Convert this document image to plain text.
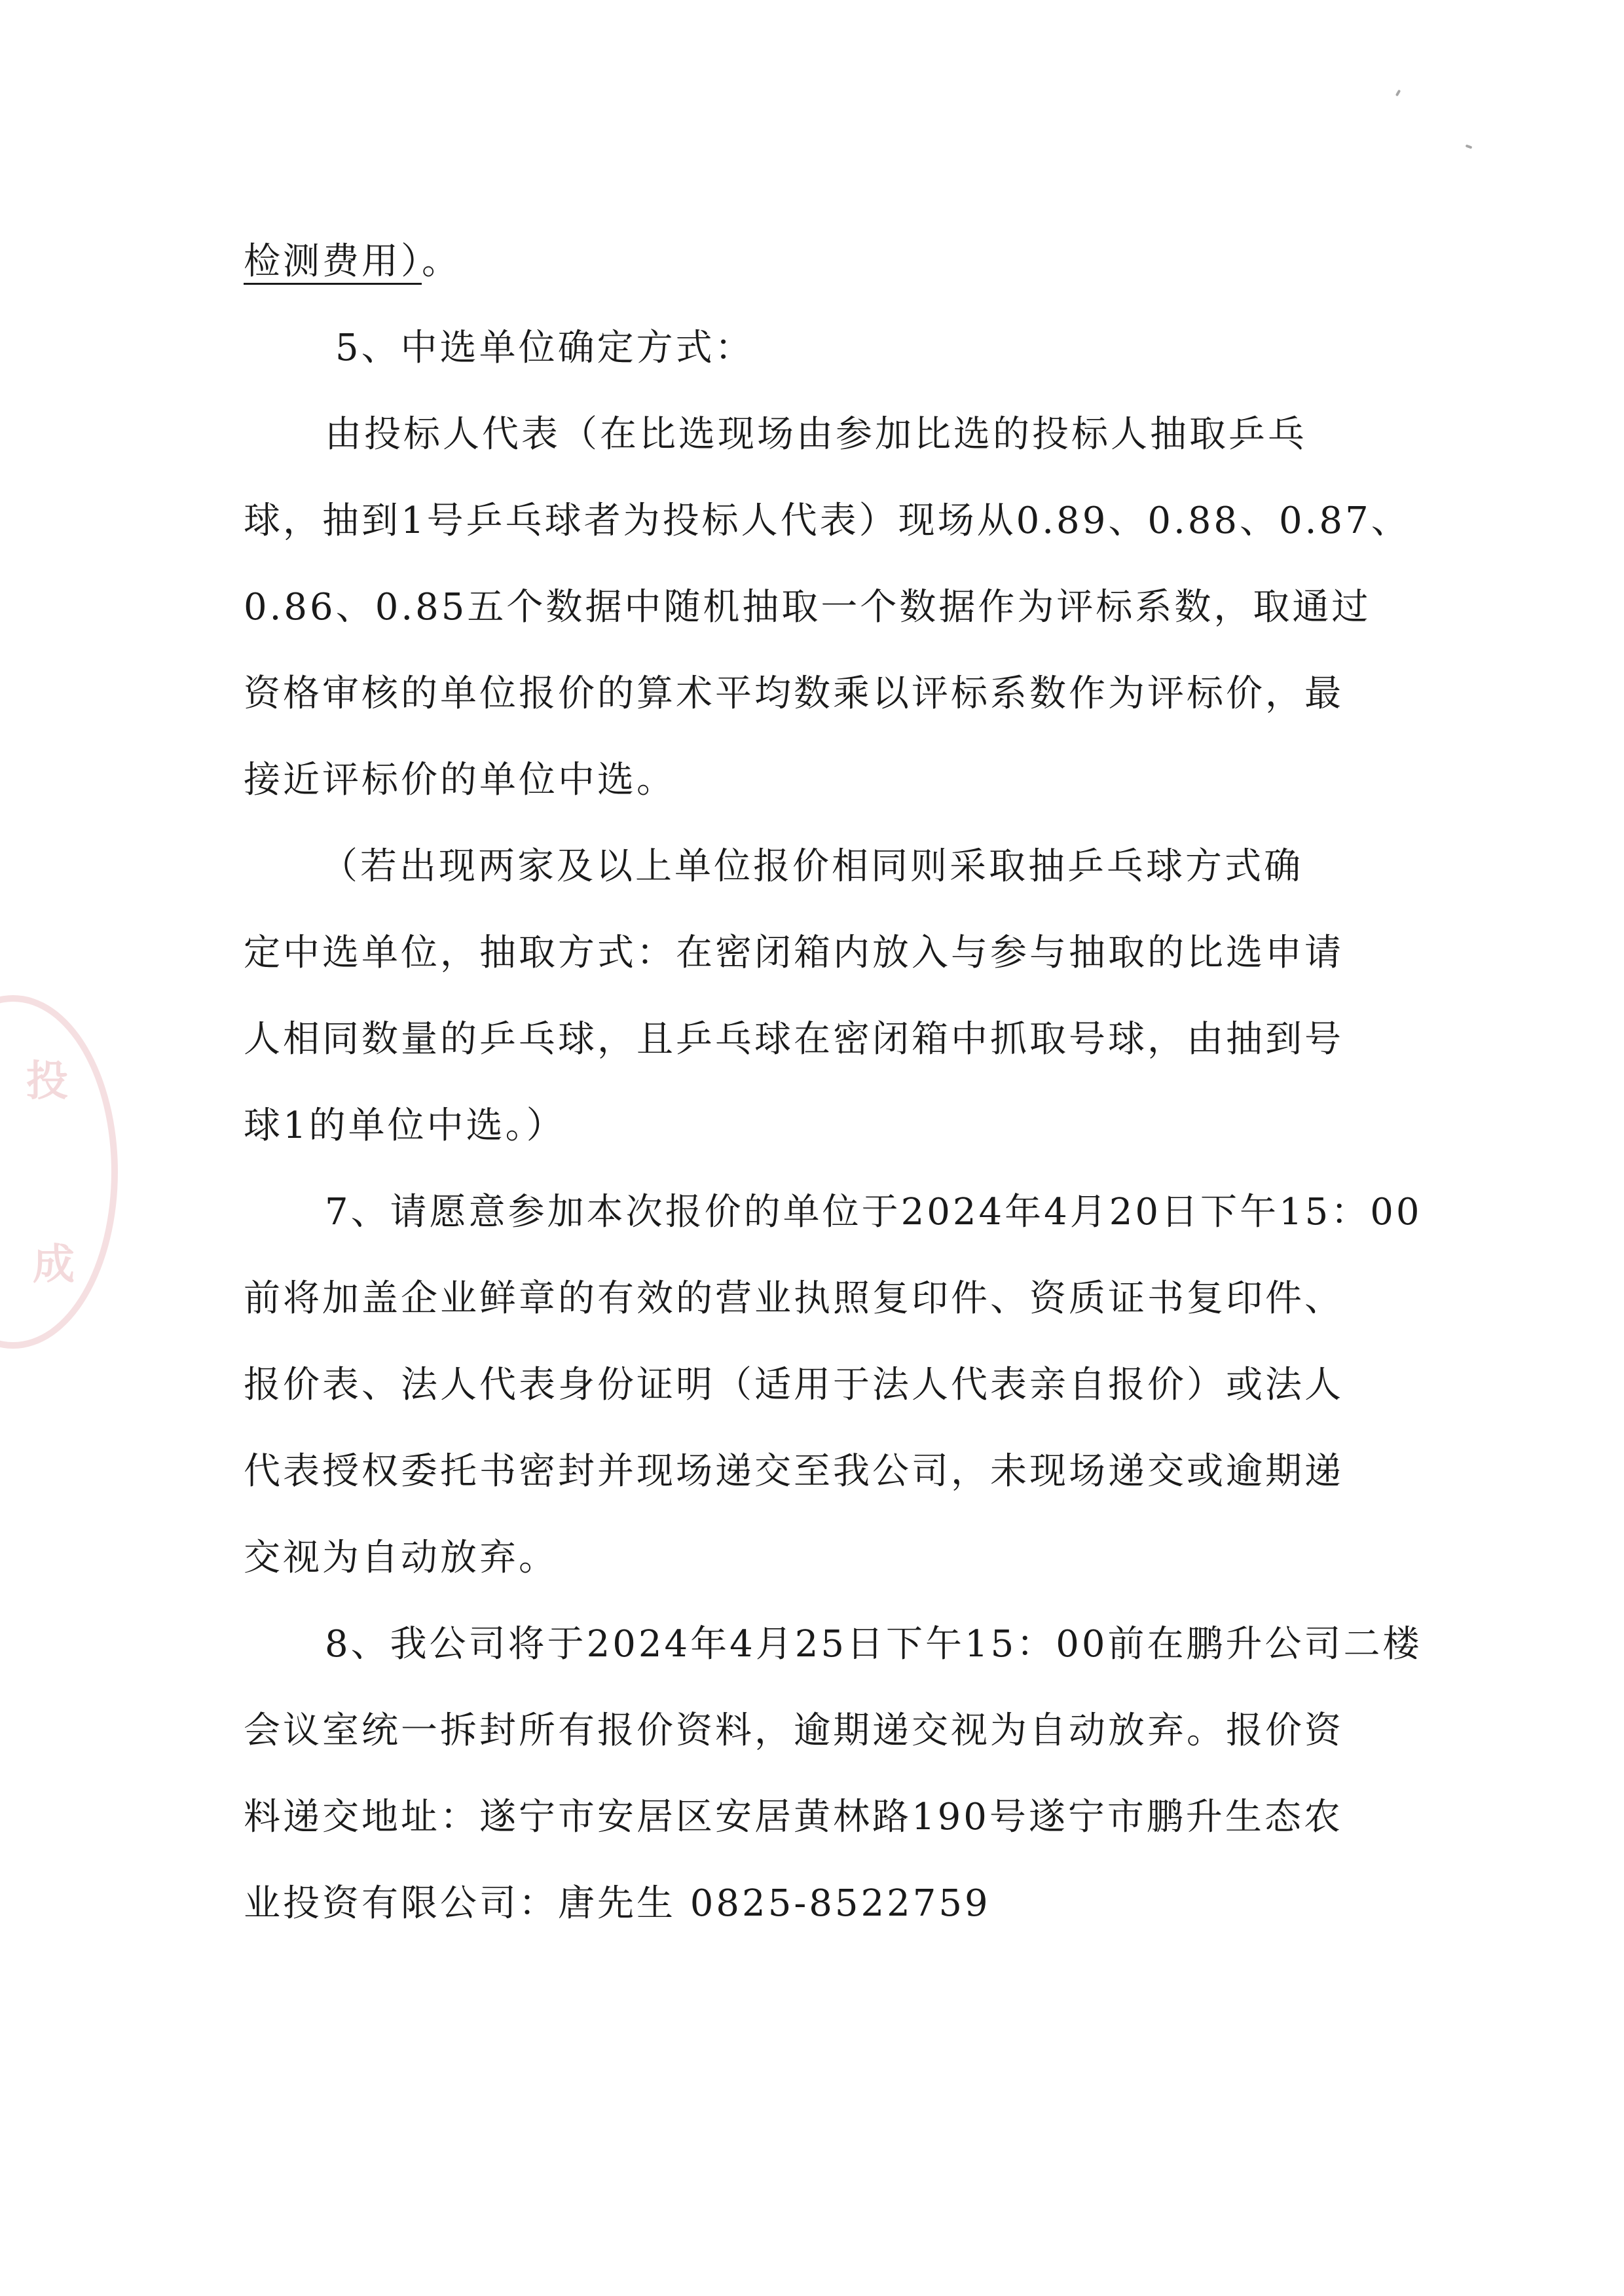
投
成
检测费用）。
5、中选单位确定方式：
由投标人代表（在比选现场由参加比选的投标人抽取乒乓
球，抽到1号乒乓球者为投标人代表）现场从0.89、0.88、0.87、
0.86、0.85五个数据中随机抽取一个数据作为评标系数，取通过
资格审核的单位报价的算术平均数乘以评标系数作为评标价，最
接近评标价的单位中选。
（若出现两家及以上单位报价相同则采取抽乒乓球方式确
定中选单位，抽取方式：在密闭箱内放入与参与抽取的比选申请
人相同数量的乒乓球，且乒乓球在密闭箱中抓取号球，由抽到号
球1的单位中选。）
7、请愿意参加本次报价的单位于2024年4月20日下午15：00
前将加盖企业鲜章的有效的营业执照复印件、资质证书复印件、
报价表、法人代表身份证明（适用于法人代表亲自报价）或法人
代表授权委托书密封并现场递交至我公司，未现场递交或逾期递
交视为自动放弃。
8、我公司将于2024年4月25日下午15：00前在鹏升公司二楼
会议室统一拆封所有报价资料，逾期递交视为自动放弃。报价资
料递交地址：遂宁市安居区安居黄林路190号遂宁市鹏升生态农
业投资有限公司：唐先生 0825-8522759
